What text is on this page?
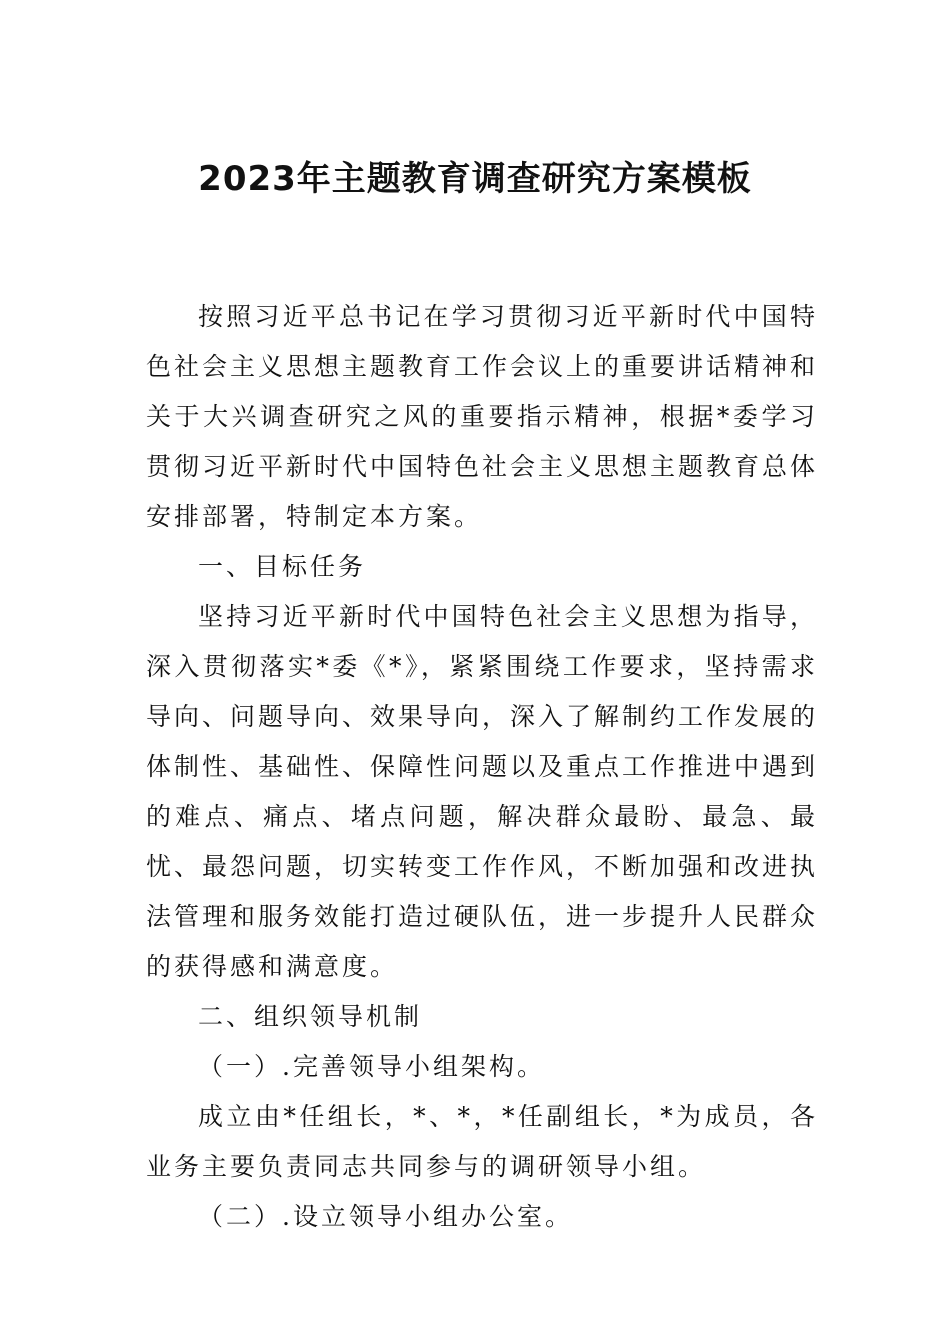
2023年主题教育调查研究方案模板

按照习近平总书记在学习贯彻习近平新时代中国特色社会主义思想主题教育工作会议上的重要讲话精神和关于大兴调查研究之风的重要指示精神，根据*委学习贯彻习近平新时代中国特色社会主义思想主题教育总体安排部署，特制定本方案。

一、目标任务

坚持习近平新时代中国特色社会主义思想为指导，深入贯彻落实*委《*》，紧紧围绕工作要求，坚持需求导向、问题导向、效果导向，深入了解制约工作发展的体制性、基础性、保障性问题以及重点工作推进中遇到的难点、痛点、堵点问题，解决群众最盼、最急、最忧、最怨问题，切实转变工作作风，不断加强和改进执法管理和服务效能打造过硬队伍，进一步提升人民群众的获得感和满意度。

二、组织领导机制

（一）.完善领导小组架构。

成立由*任组长，*、*，*任副组长，*为成员，各业务主要负责同志共同参与的调研领导小组。

（二）.设立领导小组办公室。
